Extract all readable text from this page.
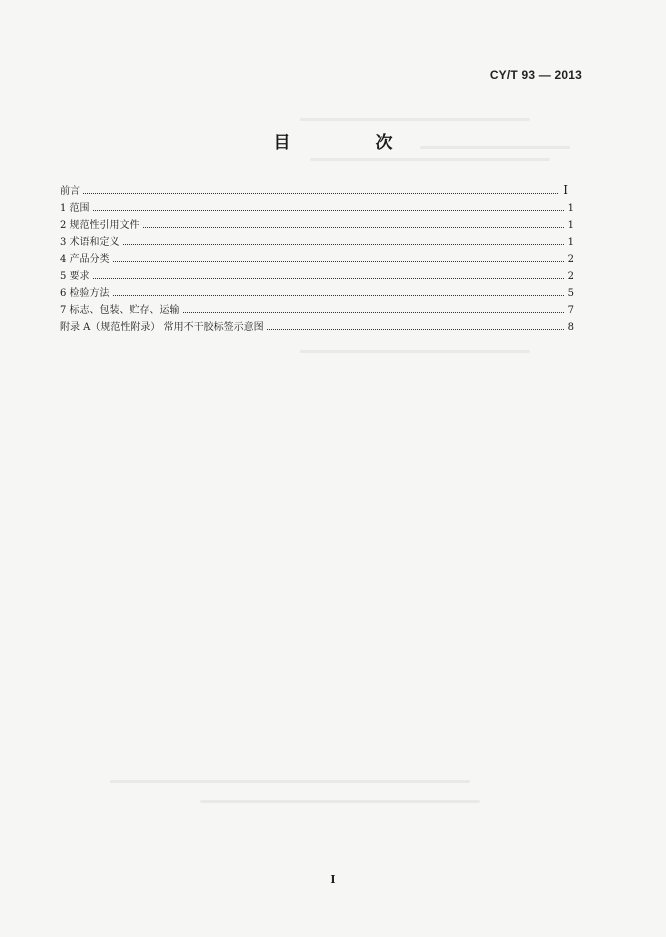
CY/T 93 — 2013
目　次
前言	I
1 范围	1
2 规范性引用文件	1
3 术语和定义	1
4 产品分类	2
5 要求	2
6 检验方法	5
7 标志、包装、贮存、运输	7
附录 A（规范性附录） 常用不干胶标签示意图	8
I
